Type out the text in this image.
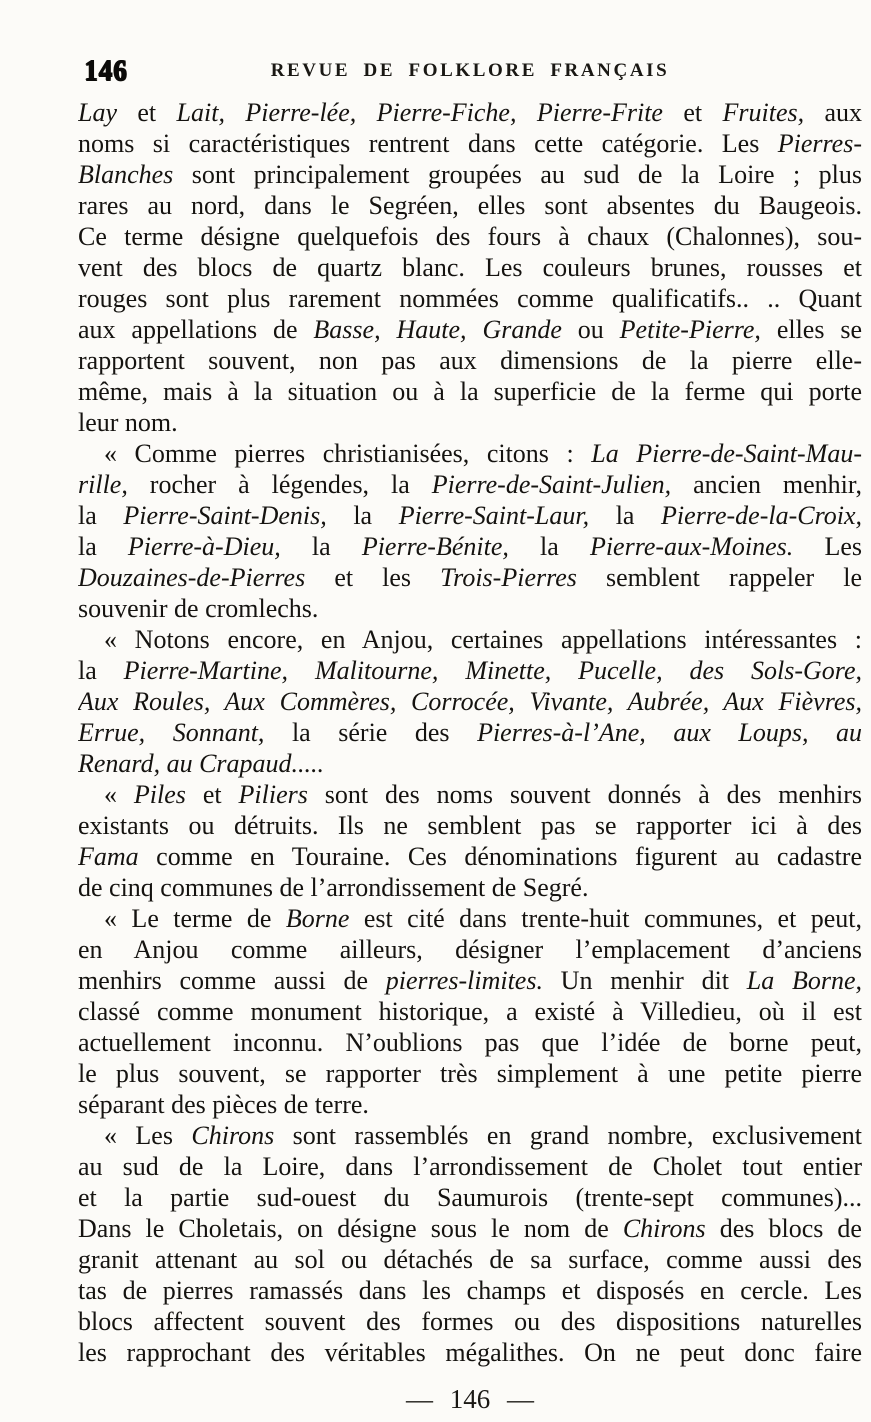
146	REVUE DE FOLKLORE FRANÇAIS
Lay et Lait, Pierre-lée, Pierre-Fiche, Pierre-Frite et Fruites, aux
noms si caractéristiques rentrent dans cette catégorie. Les Pierres-
Blanches sont principalement groupées au sud de la Loire ; plus
rares au nord, dans le Segréen, elles sont absentes du Baugeois.
Ce terme désigne quelquefois des fours à chaux (Chalonnes), sou-
vent des blocs de quartz blanc. Les couleurs brunes, rousses et
rouges sont plus rarement nommées comme qualificatifs.. .. Quant
aux appellations de Basse, Haute, Grande ou Petite-Pierre, elles se
rapportent souvent, non pas aux dimensions de la pierre elle-
même, mais à la situation ou à la superficie de la ferme qui porte
leur nom.
« Comme pierres christianisées, citons : La Pierre-de-Saint-Mau-
rille, rocher à légendes, la Pierre-de-Saint-Julien, ancien menhir,
la Pierre-Saint-Denis, la Pierre-Saint-Laur, la Pierre-de-la-Croix,
la Pierre-à-Dieu, la Pierre-Bénite, la Pierre-aux-Moines. Les
Douzaines-de-Pierres et les Trois-Pierres semblent rappeler le
souvenir de cromlechs.
« Notons encore, en Anjou, certaines appellations intéressantes :
la Pierre-Martine, Malitourne, Minette, Pucelle, des Sols-Gore,
Aux Roules, Aux Commères, Corrocée, Vivante, Aubrée, Aux Fièvres,
Errue, Sonnant, la série des Pierres-à-l’Ane, aux Loups, au
Renard, au Crapaud.....
« Piles et Piliers sont des noms souvent donnés à des menhirs
existants ou détruits. Ils ne semblent pas se rapporter ici à des
Fama comme en Touraine. Ces dénominations figurent au cadastre
de cinq communes de l’arrondissement de Segré.
« Le terme de Borne est cité dans trente-huit communes, et peut,
en Anjou comme ailleurs, désigner l’emplacement d’anciens
menhirs comme aussi de pierres-limites. Un menhir dit La Borne,
classé comme monument historique, a existé à Villedieu, où il est
actuellement inconnu. N’oublions pas que l’idée de borne peut,
le plus souvent, se rapporter très simplement à une petite pierre
séparant des pièces de terre.
« Les Chirons sont rassemblés en grand nombre, exclusivement
au sud de la Loire, dans l’arrondissement de Cholet tout entier
et la partie sud-ouest du Saumurois (trente-sept communes)...
Dans le Choletais, on désigne sous le nom de Chirons des blocs de
granit attenant au sol ou détachés de sa surface, comme aussi des
tas de pierres ramassés dans les champs et disposés en cercle. Les
blocs affectent souvent des formes ou des dispositions naturelles
les rapprochant des véritables mégalithes. On ne peut donc faire
— 146 —
